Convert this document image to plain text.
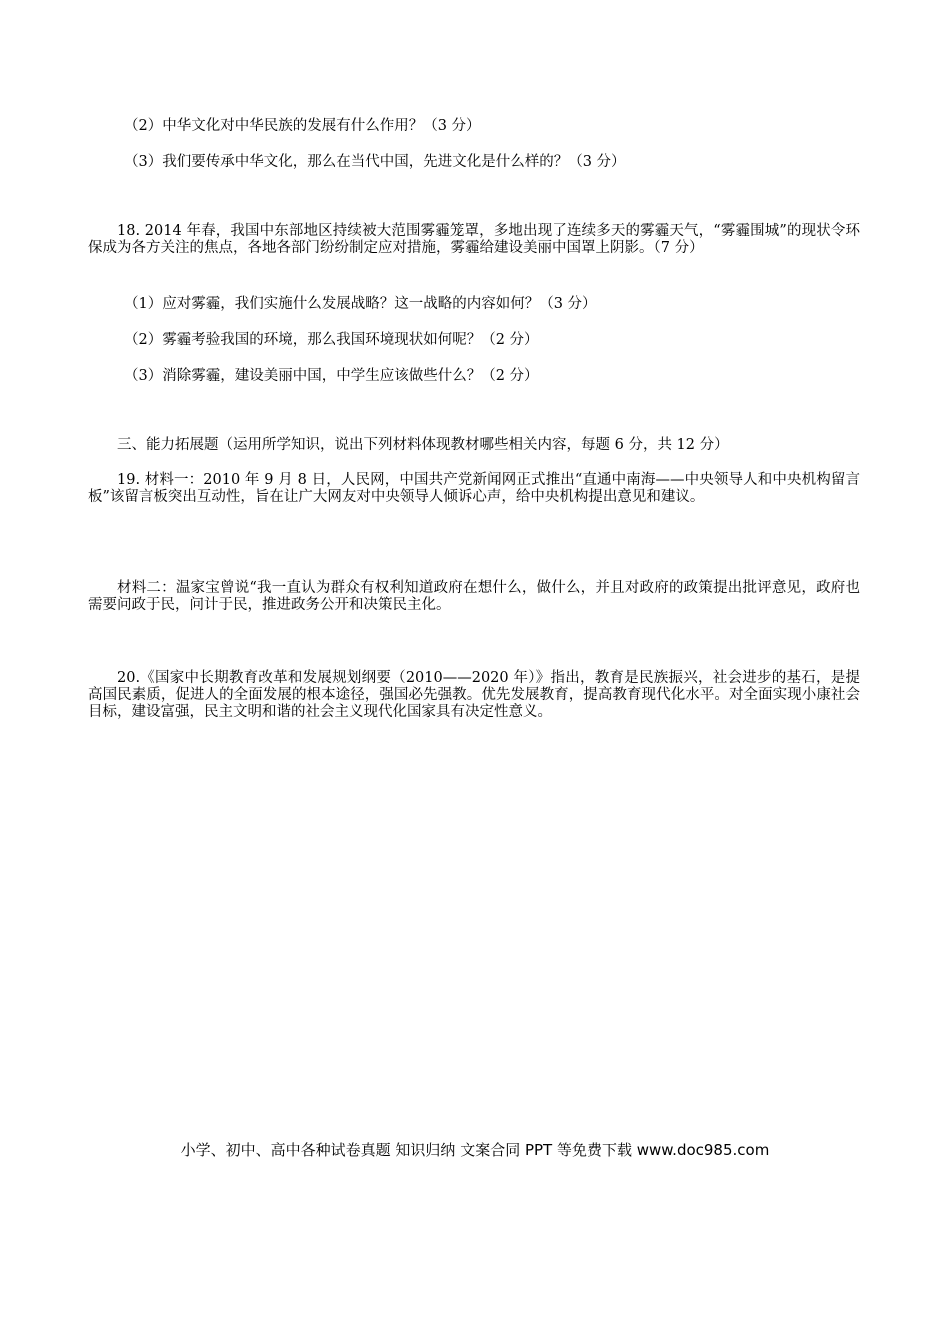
（2）中华文化对中华民族的发展有什么作用？（3 分）
（3）我们要传承中华文化，那么在当代中国，先进文化是什么样的？（3 分）
18. 2014 年春，我国中东部地区持续被大范围雾霾笼罩，多地出现了连续多天的雾霾天气，“雾霾围城”的现状令环保成为各方关注的焦点，各地各部门纷纷制定应对措施，雾霾给建设美丽中国罩上阴影。（7 分）
（1）应对雾霾，我们实施什么发展战略？这一战略的内容如何？（3 分）
（2）雾霾考验我国的环境，那么我国环境现状如何呢？（2 分）
（3）消除雾霾，建设美丽中国，中学生应该做些什么？（2 分）
三、能力拓展题（运用所学知识，说出下列材料体现教材哪些相关内容，每题 6 分，共 12 分）
19. 材料一：2010 年 9 月 8 日，人民网，中国共产党新闻网正式推出“直通中南海——中央领导人和中央机构留言板”该留言板突出互动性，旨在让广大网友对中央领导人倾诉心声，给中央机构提出意见和建议。
材料二：温家宝曾说“我一直认为群众有权利知道政府在想什么，做什么，并且对政府的政策提出批评意见，政府也需要问政于民，问计于民，推进政务公开和决策民主化。
20.《国家中长期教育改革和发展规划纲要（2010——2020 年）》指出，教育是民族振兴，社会进步的基石，是提高国民素质，促进人的全面发展的根本途径，强国必先强教。优先发展教育，提高教育现代化水平。对全面实现小康社会目标，建设富强，民主文明和谐的社会主义现代化国家具有决定性意义。
小学、初中、高中各种试卷真题 知识归纳 文案合同 PPT 等免费下载 www.doc985.com
